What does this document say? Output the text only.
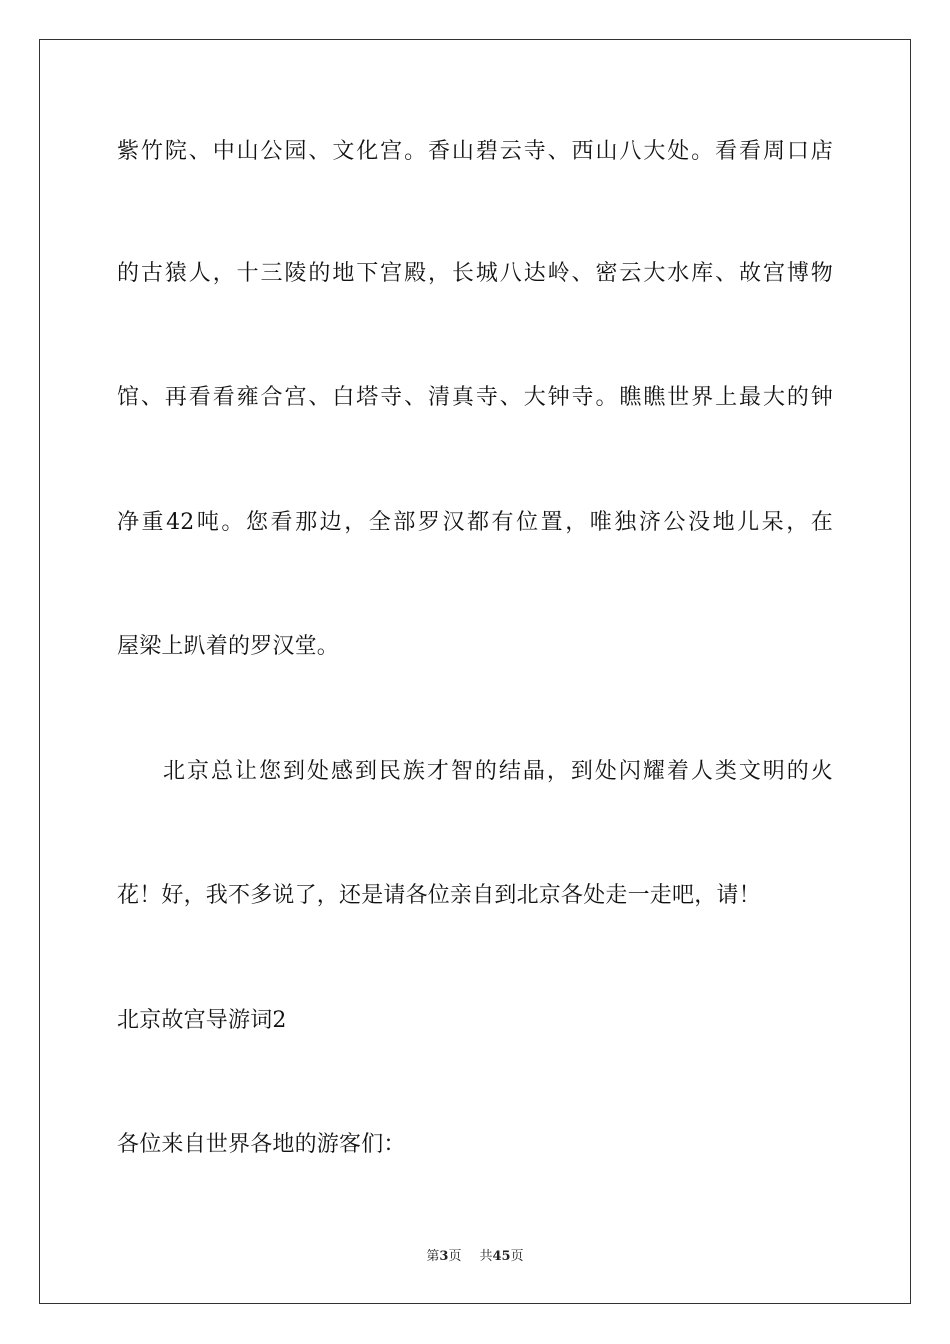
紫竹院、中山公园、文化宫。香山碧云寺、西山八大处。看看周口店
的古猿人，十三陵的地下宫殿，长城八达岭、密云大水库、故宫博物
馆、再看看雍合宫、白塔寺、清真寺、大钟寺。瞧瞧世界上最大的钟
净重42吨。您看那边，全部罗汉都有位置，唯独济公没地儿呆，在
屋梁上趴着的罗汉堂。
北京总让您到处感到民族才智的结晶，到处闪耀着人类文明的火
花！好，我不多说了，还是请各位亲自到北京各处走一走吧，请！
北京故宫导游词2
各位来自世界各地的游客们：
第3页 共45页
